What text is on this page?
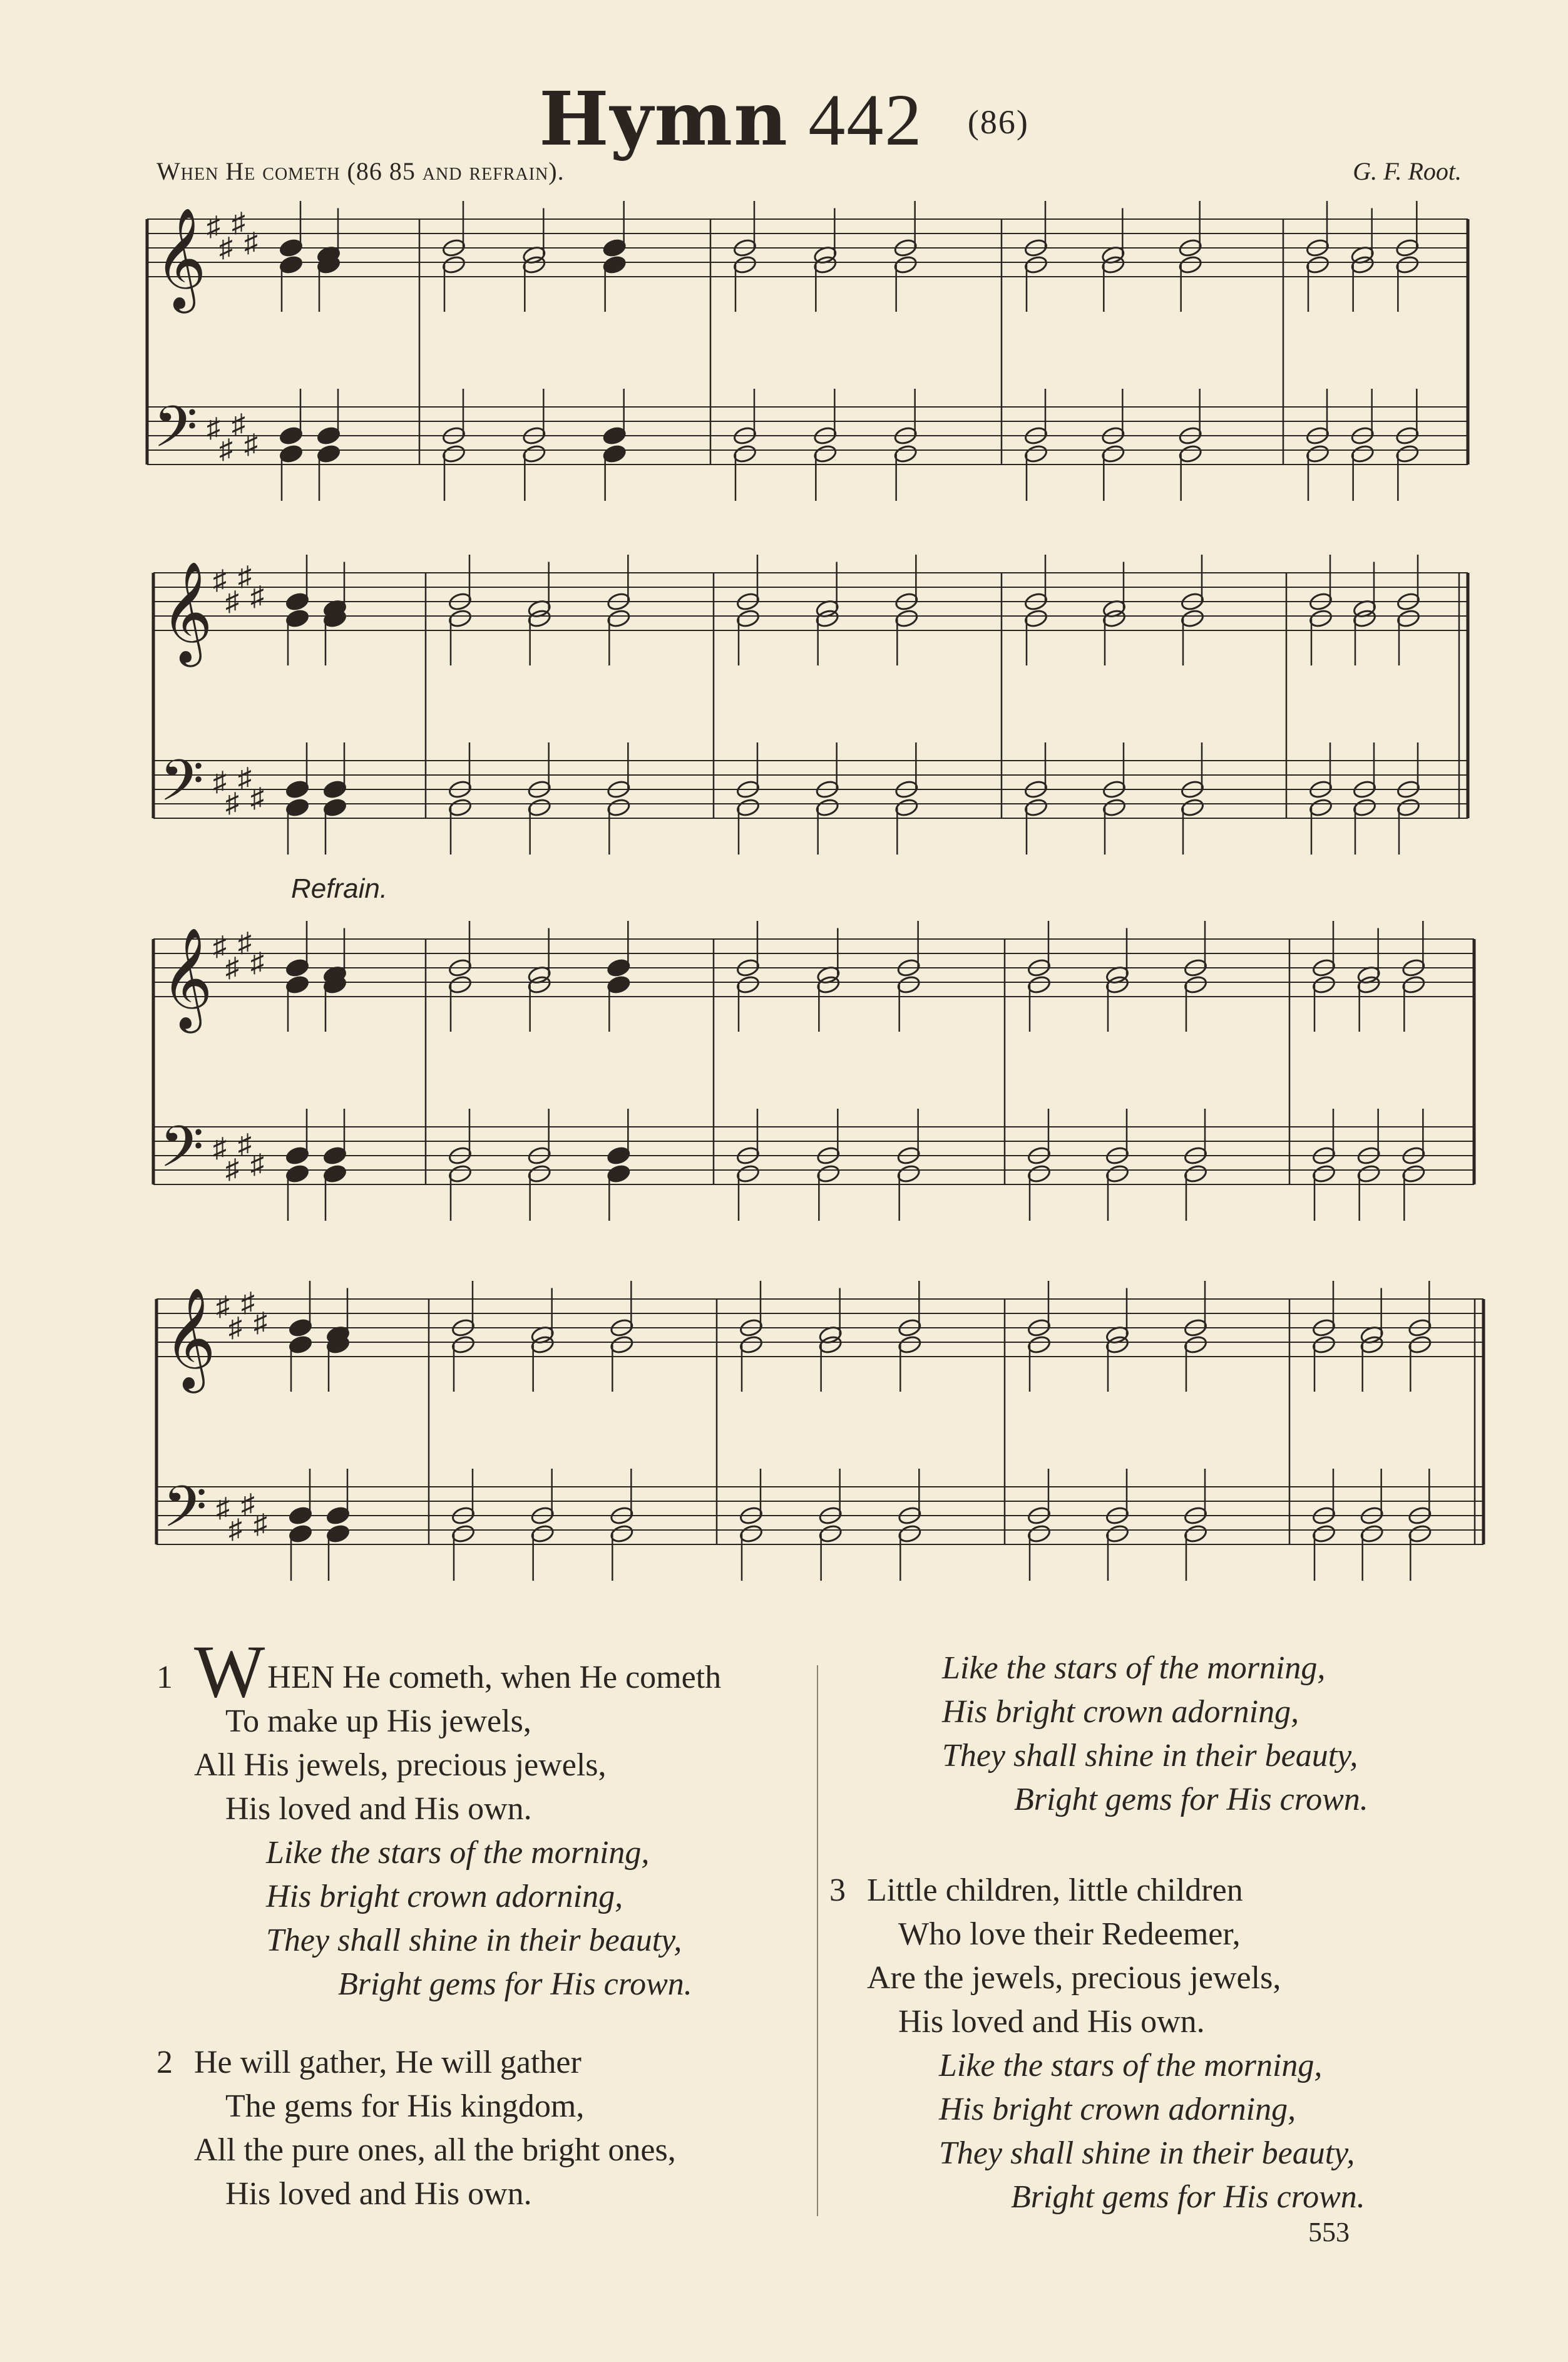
Hymn 442 (86)
When He cometh (86 85 and refrain).	G. F. Root.
𝄞
𝄢
♯
♯
♯
♯
♯
♯
♯
♯
𝄞
𝄢
♯
♯
♯
♯
♯
♯
♯
♯
𝄞
𝄢
♯
♯
♯
♯
♯
♯
♯
♯
𝄞
𝄢
♯
♯
♯
♯
♯
♯
♯
♯
Refrain.
1 WHEN He cometh, when He cometh
To make up His jewels,
All His jewels, precious jewels,
His loved and His own.
Like the stars of the morning,
His bright crown adorning,
They shall shine in their beauty,
Bright gems for His crown.
2 He will gather, He will gather
The gems for His kingdom,
All the pure ones, all the bright ones,
His loved and His own.
Like the stars of the morning,
His bright crown adorning,
They shall shine in their beauty,
Bright gems for His crown.
3 Little children, little children
Who love their Redeemer,
Are the jewels, precious jewels,
His loved and His own.
Like the stars of the morning,
His bright crown adorning,
They shall shine in their beauty,
Bright gems for His crown.
553
